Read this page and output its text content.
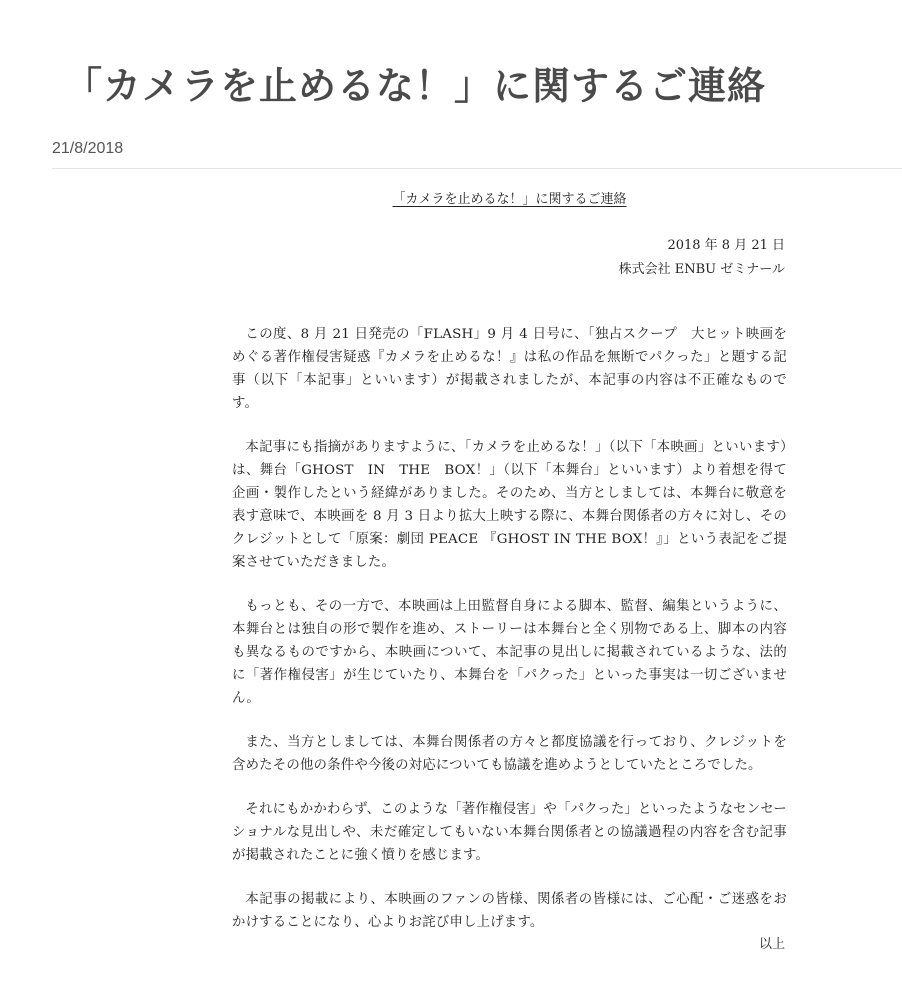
「カメラを止めるな！」に関するご連絡
21/8/2018
「カメラを止めるな！」に関するご連絡
2018 年 8 月 21 日
株式会社 ENBU ゼミナール

この度、8 月 21 日発売の「FLASH」9 月 4 日号に、「独占スクープ　大ヒット映画をめぐる著作権侵害疑惑『カメラを止めるな！』は私の作品を無断でパクった」と題する記事（以下「本記事」といいます）が掲載されましたが、本記事の内容は不正確なものです。

本記事にも指摘がありますように、「カメラを止めるな！」（以下「本映画」といいます）は、舞台「GHOST　IN　THE　BOX！」（以下「本舞台」といいます）より着想を得て企画・製作したという経緯がありました。そのため、当方としましては、本舞台に敬意を表す意味で、本映画を 8 月 3 日より拡大上映する際に、本舞台関係者の方々に対し、そのクレジットとして「原案：劇団 PEACE 『GHOST IN THE BOX！』」という表記をご提案させていただきました。

もっとも、その一方で、本映画は上田監督自身による脚本、監督、編集というように、本舞台とは独自の形で製作を進め、ストーリーは本舞台と全く別物である上、脚本の内容も異なるものですから、本映画について、本記事の見出しに掲載されているような、法的に「著作権侵害」が生じていたり、本舞台を「パクった」といった事実は一切ございません。

また、当方としましては、本舞台関係者の方々と都度協議を行っており、クレジットを含めたその他の条件や今後の対応についても協議を進めようとしていたところでした。

それにもかかわらず、このような「著作権侵害」や「パクった」といったようなセンセーショナルな見出しや、未だ確定してもいない本舞台関係者との協議過程の内容を含む記事が掲載されたことに強く憤りを感じます。

本記事の掲載により、本映画のファンの皆様、関係者の皆様には、ご心配・ご迷惑をおかけすることになり、心よりお詫び申し上げます。

以上
